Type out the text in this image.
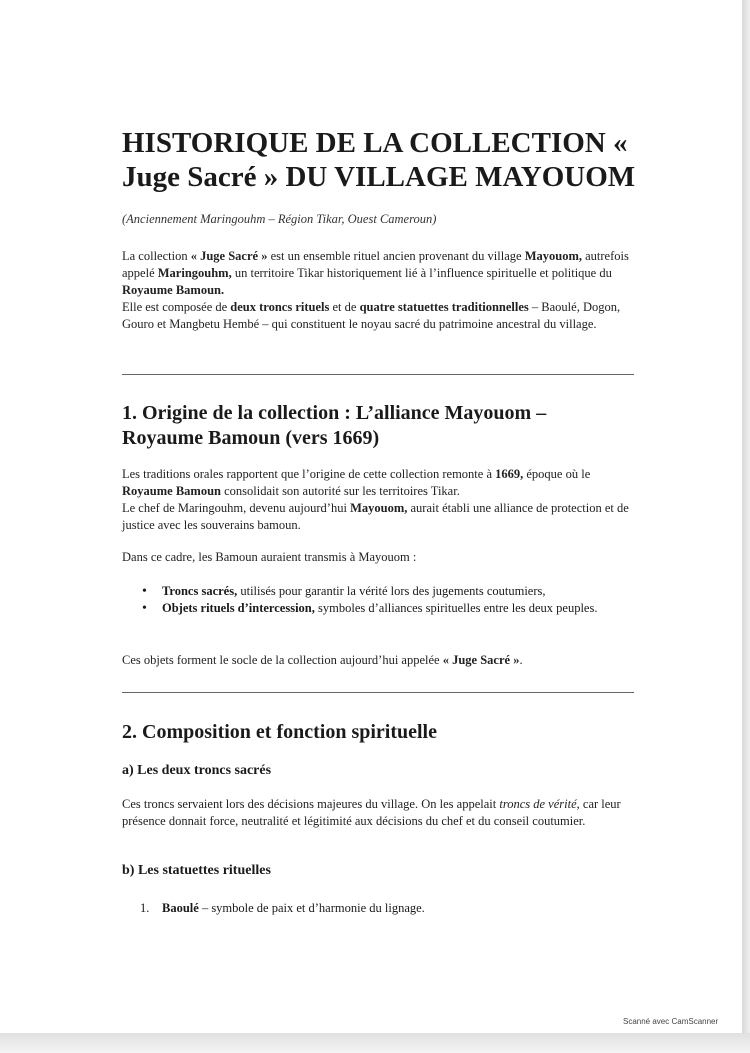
HISTORIQUE DE LA COLLECTION «
Juge Sacré » DU VILLAGE MAYOUOM

(Anciennement Maringouhm – Région Tikar, Ouest Cameroun)

La collection « Juge Sacré » est un ensemble rituel ancien provenant du village Mayouom, autrefois appelé Maringouhm, un territoire Tikar historiquement lié à l’influence spirituelle et politique du Royaume Bamoun.
Elle est composée de deux troncs rituels et de quatre statuettes traditionnelles – Baoulé, Dogon, Gouro et Mangbetu Hembé – qui constituent le noyau sacré du patrimoine ancestral du village.

1. Origine de la collection : L’alliance Mayouom –
Royaume Bamoun (vers 1669)

Les traditions orales rapportent que l’origine de cette collection remonte à 1669, époque où le Royaume Bamoun consolidait son autorité sur les territoires Tikar.
Le chef de Maringouhm, devenu aujourd’hui Mayouom, aurait établi une alliance de protection et de justice avec les souverains bamoun.

Dans ce cadre, les Bamoun auraient transmis à Mayouom :

• Troncs sacrés, utilisés pour garantir la vérité lors des jugements coutumiers,
• Objets rituels d’intercession, symboles d’alliances spirituelles entre les deux peuples.

Ces objets forment le socle de la collection aujourd’hui appelée « Juge Sacré ».

2. Composition et fonction spirituelle
a) Les deux troncs sacrés

Ces troncs servaient lors des décisions majeures du village. On les appelait troncs de vérité, car leur présence donnait force, neutralité et légitimité aux décisions du chef et du conseil coutumier.

b) Les statuettes rituelles

1. Baoulé – symbole de paix et d’harmonie du lignage.

Scanné avec CamScanner
